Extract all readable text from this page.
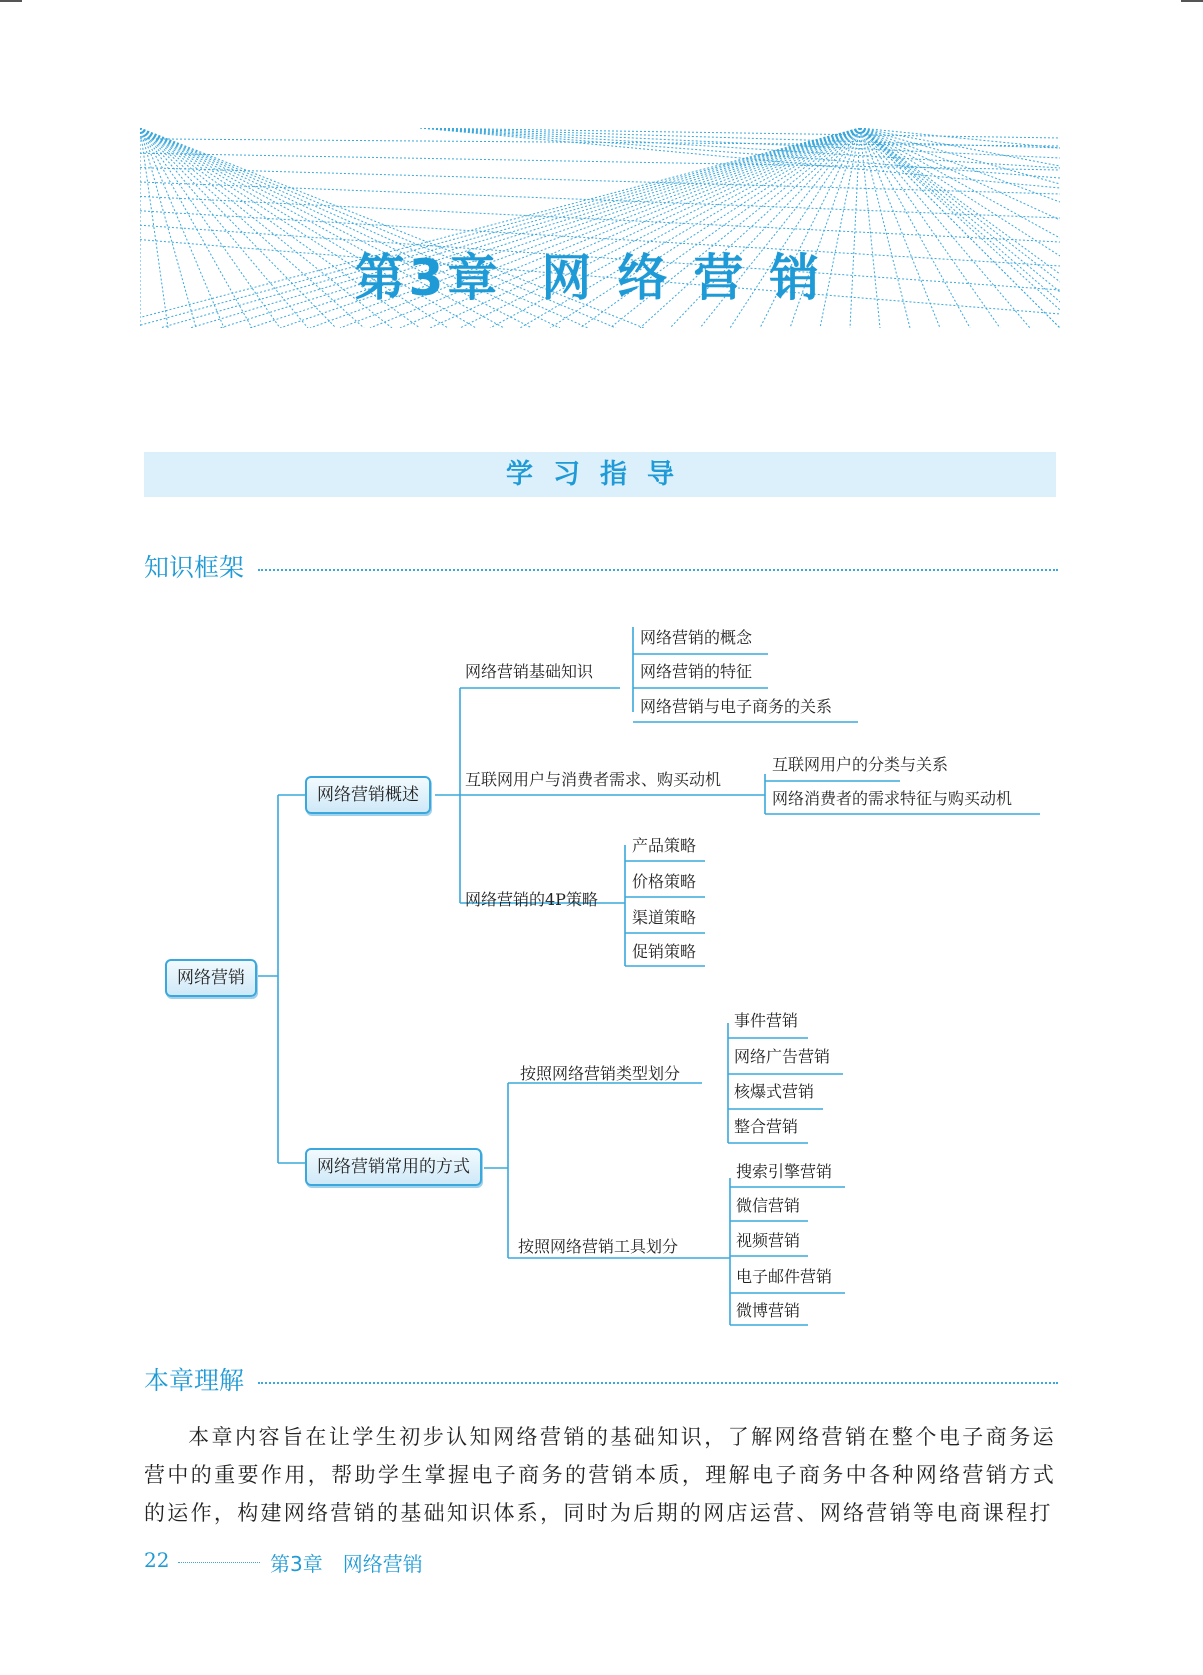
第3章 网络营销
学习指导
知识框架
网络营销
网络营销概述
网络营销常用的方式
网络营销基础知识
互联网用户与消费者需求、购买动机
网络营销的4P策略
按照网络营销类型划分
按照网络营销工具划分
网络营销的概念
网络营销的特征
网络营销与电子商务的关系
互联网用户的分类与关系
网络消费者的需求特征与购买动机
产品策略
价格策略
渠道策略
促销策略
事件营销
网络广告营销
核爆式营销
整合营销
搜索引擎营销
微信营销
视频营销
电子邮件营销
微博营销
本章理解

本章内容旨在让学生初步认知网络营销的基础知识，了解网络营销在整个电子商务运营中的重要作用，帮助学生掌握电子商务的营销本质，理解电子商务中各种网络营销方式的运作，构建网络营销的基础知识体系，同时为后期的网店运营、网络营销等电商课程打

22	第3章 网络营销
